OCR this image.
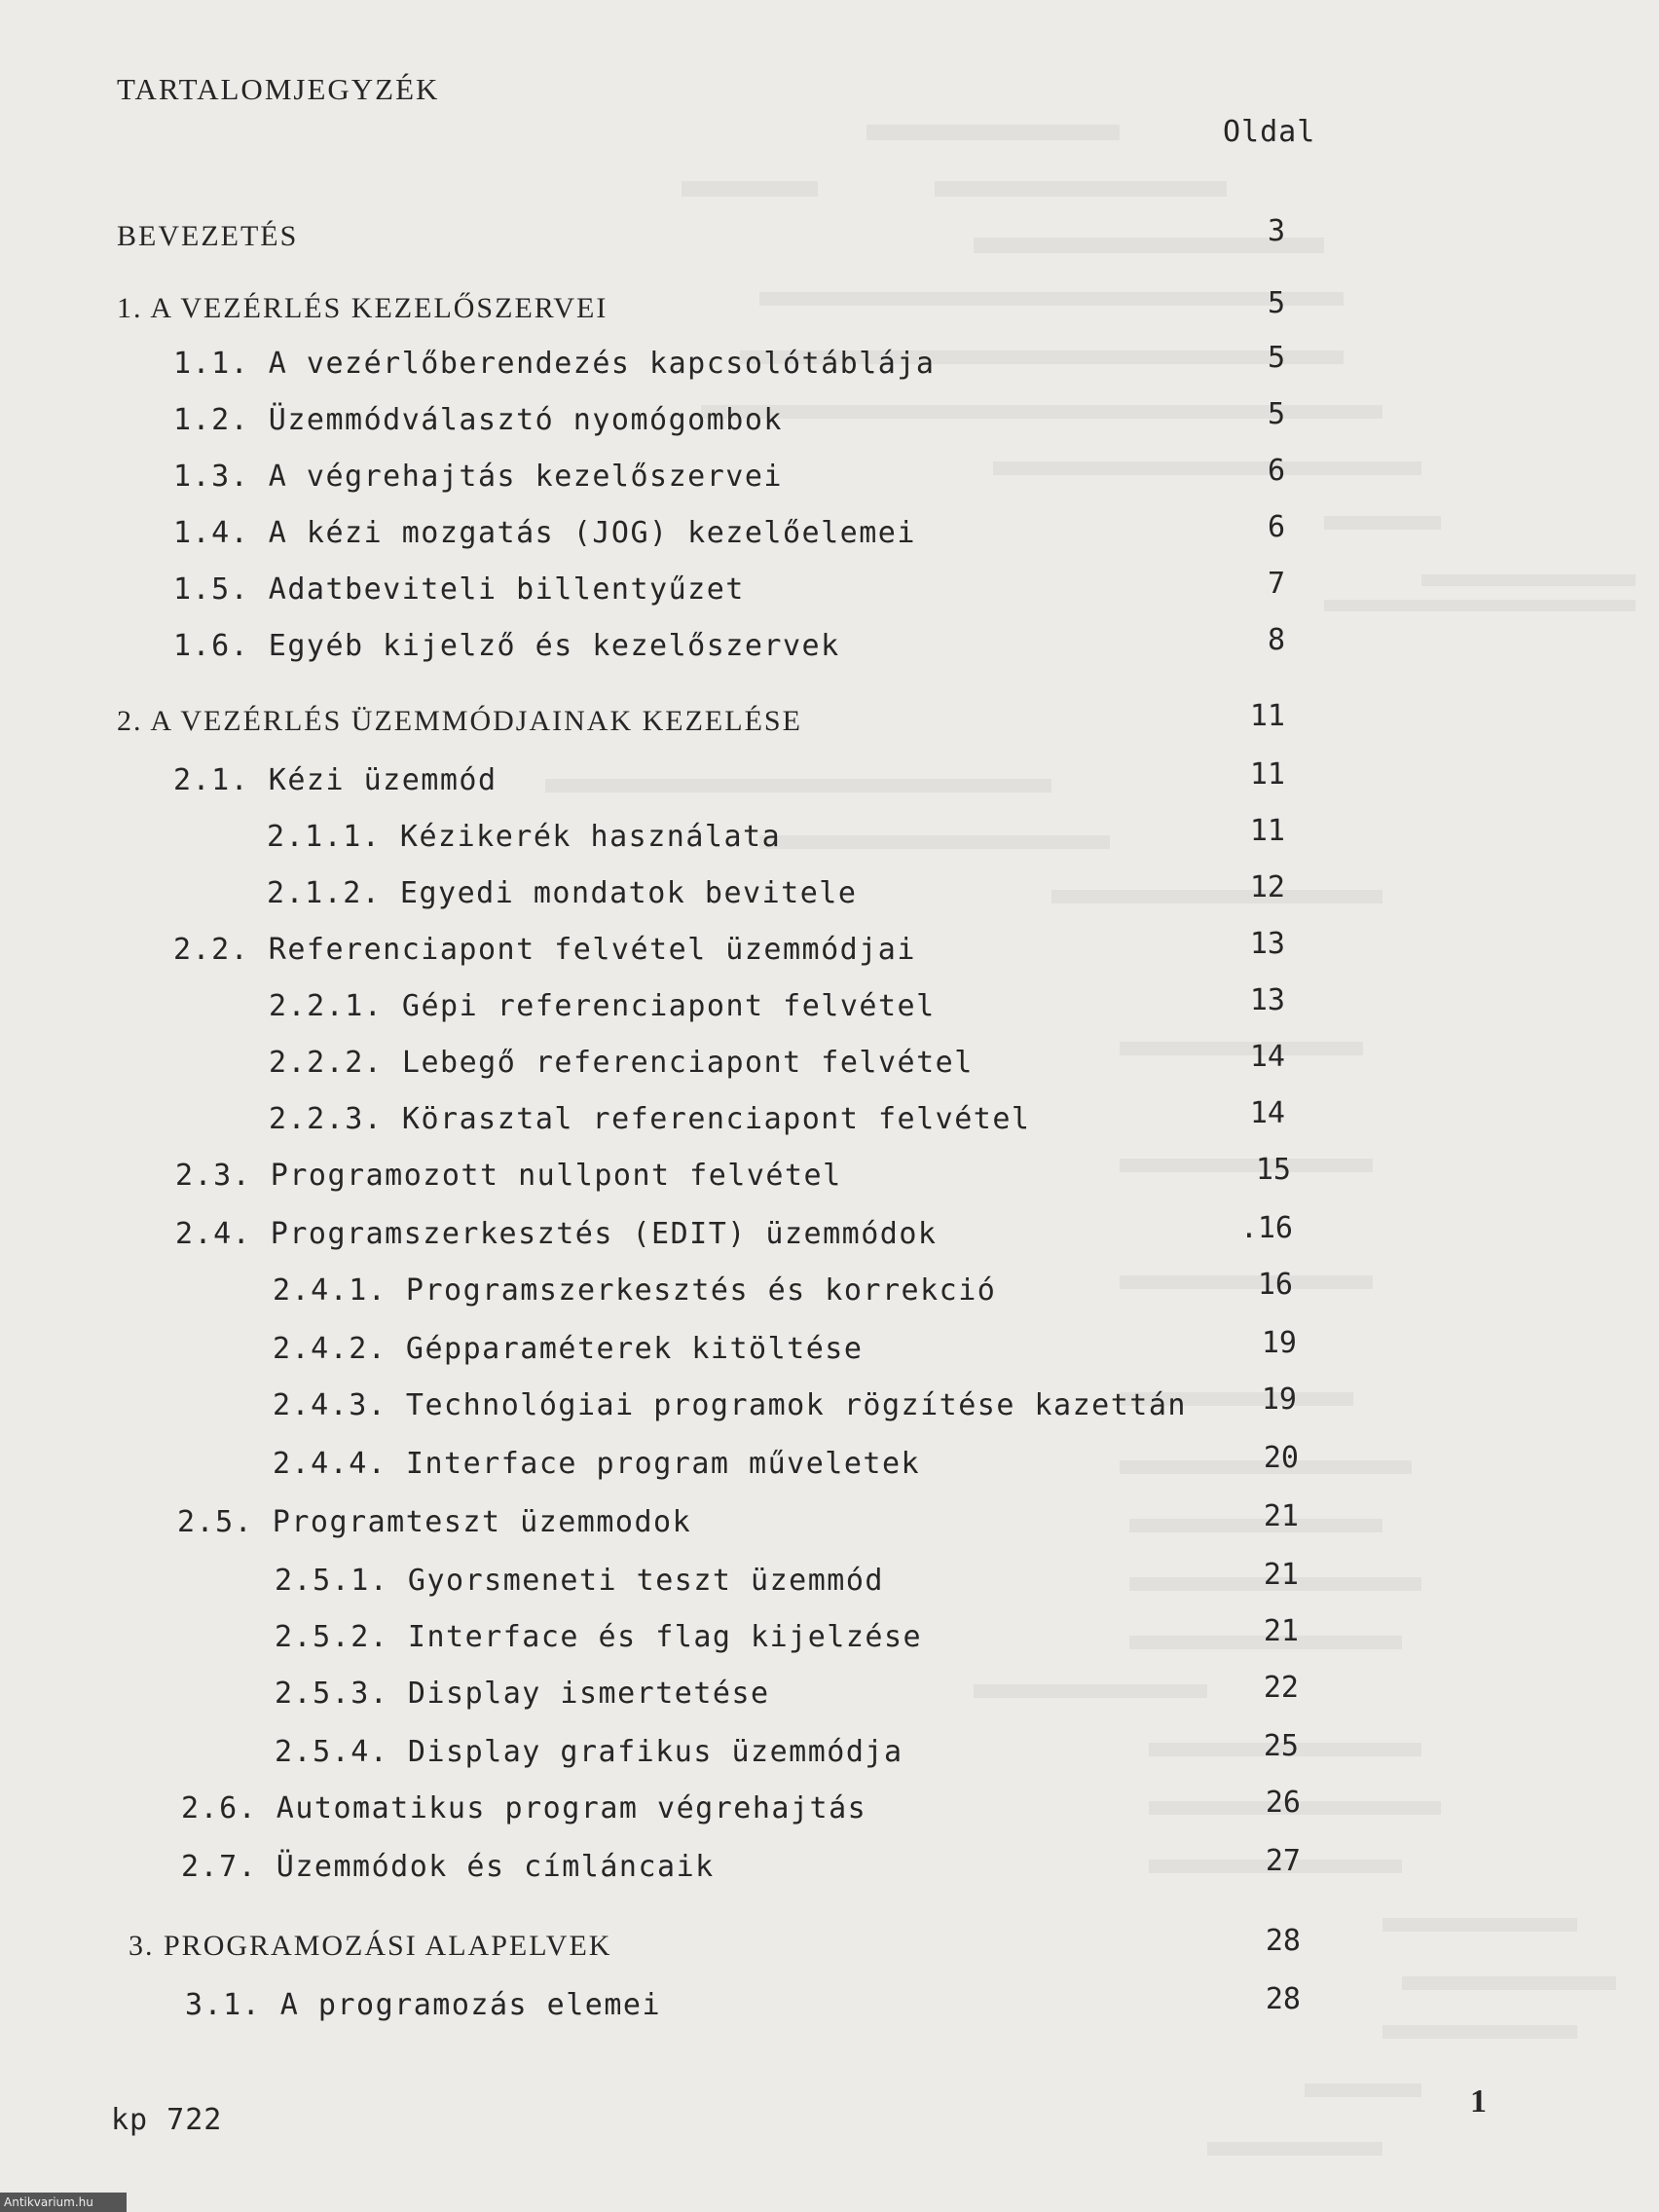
TARTALOMJEGYZÉK
Oldal
BEVEZETÉS	3
1. A VEZÉRLÉS KEZELŐSZERVEI	5
1.1. A vezérlőberendezés kapcsolótáblája	5
1.2. Üzemmódválasztó nyomógombok	5
1.3. A végrehajtás kezelőszervei	6
1.4. A kézi mozgatás (JOG) kezelőelemei	6
1.5. Adatbeviteli billentyűzet	7
1.6. Egyéb kijelző és kezelőszervek	8
2. A VEZÉRLÉS ÜZEMMÓDJAINAK KEZELÉSE	11
2.1. Kézi üzemmód	11
2.1.1. Kézikerék használata	11
2.1.2. Egyedi mondatok bevitele	12
2.2. Referenciapont felvétel üzemmódjai	13
2.2.1. Gépi referenciapont felvétel	13
2.2.2. Lebegő referenciapont felvétel	14
2.2.3. Körasztal referenciapont felvétel	14
2.3. Programozott nullpont felvétel	15
2.4. Programszerkesztés (EDIT) üzemmódok	.16
2.4.1. Programszerkesztés és korrekció	16
2.4.2. Gépparaméterek kitöltése	19
2.4.3. Technológiai programok rögzítése kazettán	19
2.4.4. Interface program műveletek	20
2.5. Programteszt üzemmodok	21
2.5.1. Gyorsmeneti teszt üzemmód	21
2.5.2. Interface és flag kijelzése	21
2.5.3. Display ismertetése	22
2.5.4. Display grafikus üzemmódja	25
2.6. Automatikus program végrehajtás	26
2.7. Üzemmódok és címláncaik	27
3. PROGRAMOZÁSI ALAPELVEK	28
3.1. A programozás elemei	28
kp 722
1
Antikvarium.hu
